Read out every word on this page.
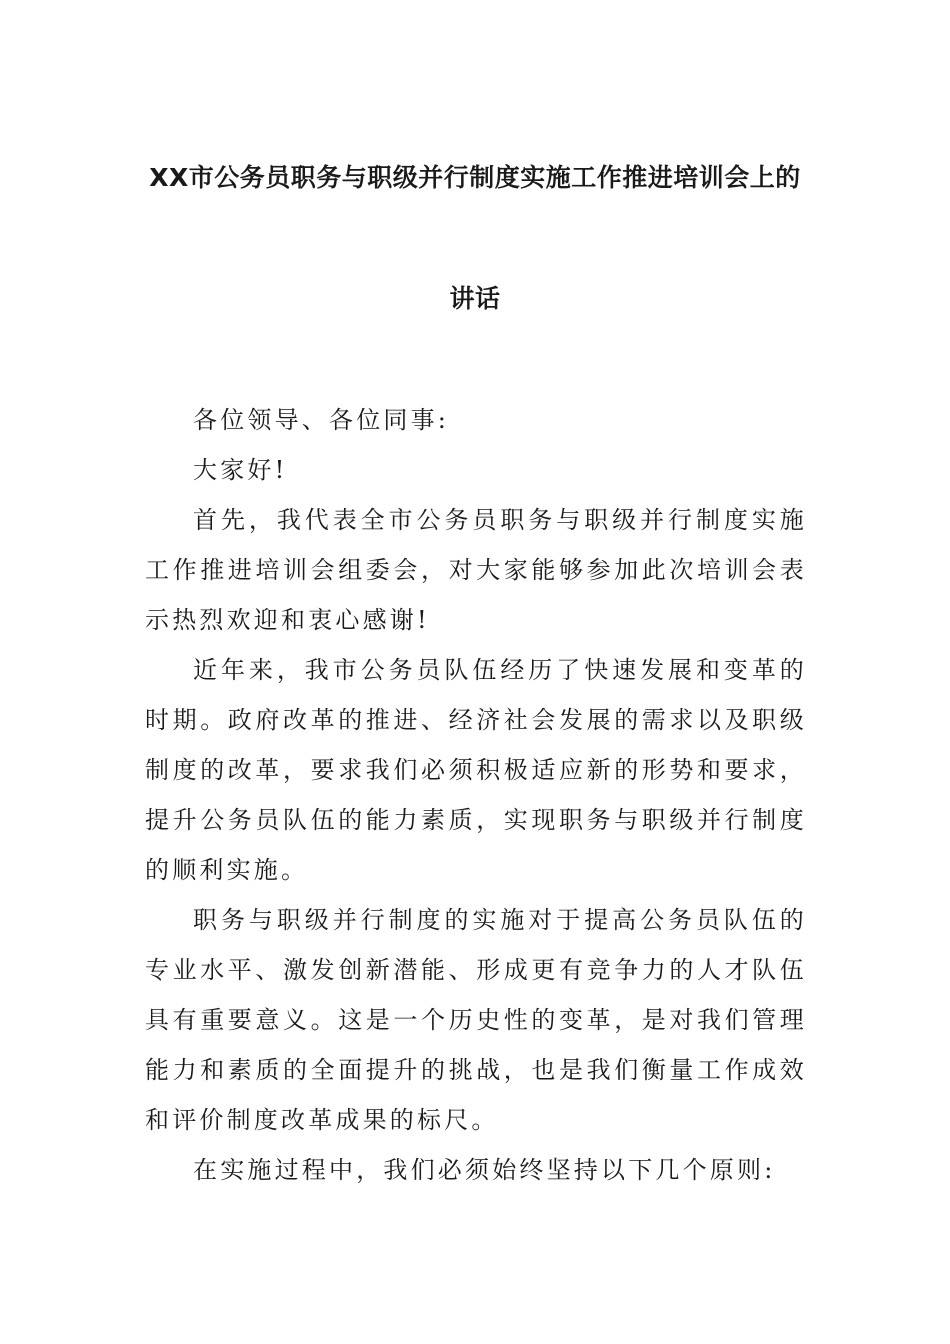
XX市公务员职务与职级并行制度实施工作推进培训会上的
讲话

各位领导、各位同事:

大家好!

首先，我代表全市公务员职务与职级并行制度实施工作推进培训会组委会，对大家能够参加此次培训会表示热烈欢迎和衷心感谢!

近年来，我市公务员队伍经历了快速发展和变革的时期。政府改革的推进、经济社会发展的需求以及职级制度的改革，要求我们必须积极适应新的形势和要求，提升公务员队伍的能力素质，实现职务与职级并行制度的顺利实施。

职务与职级并行制度的实施对于提高公务员队伍的专业水平、激发创新潜能、形成更有竞争力的人才队伍具有重要意义。这是一个历史性的变革，是对我们管理能力和素质的全面提升的挑战，也是我们衡量工作成效和评价制度改革成果的标尺。

在实施过程中，我们必须始终坚持以下几个原则:
